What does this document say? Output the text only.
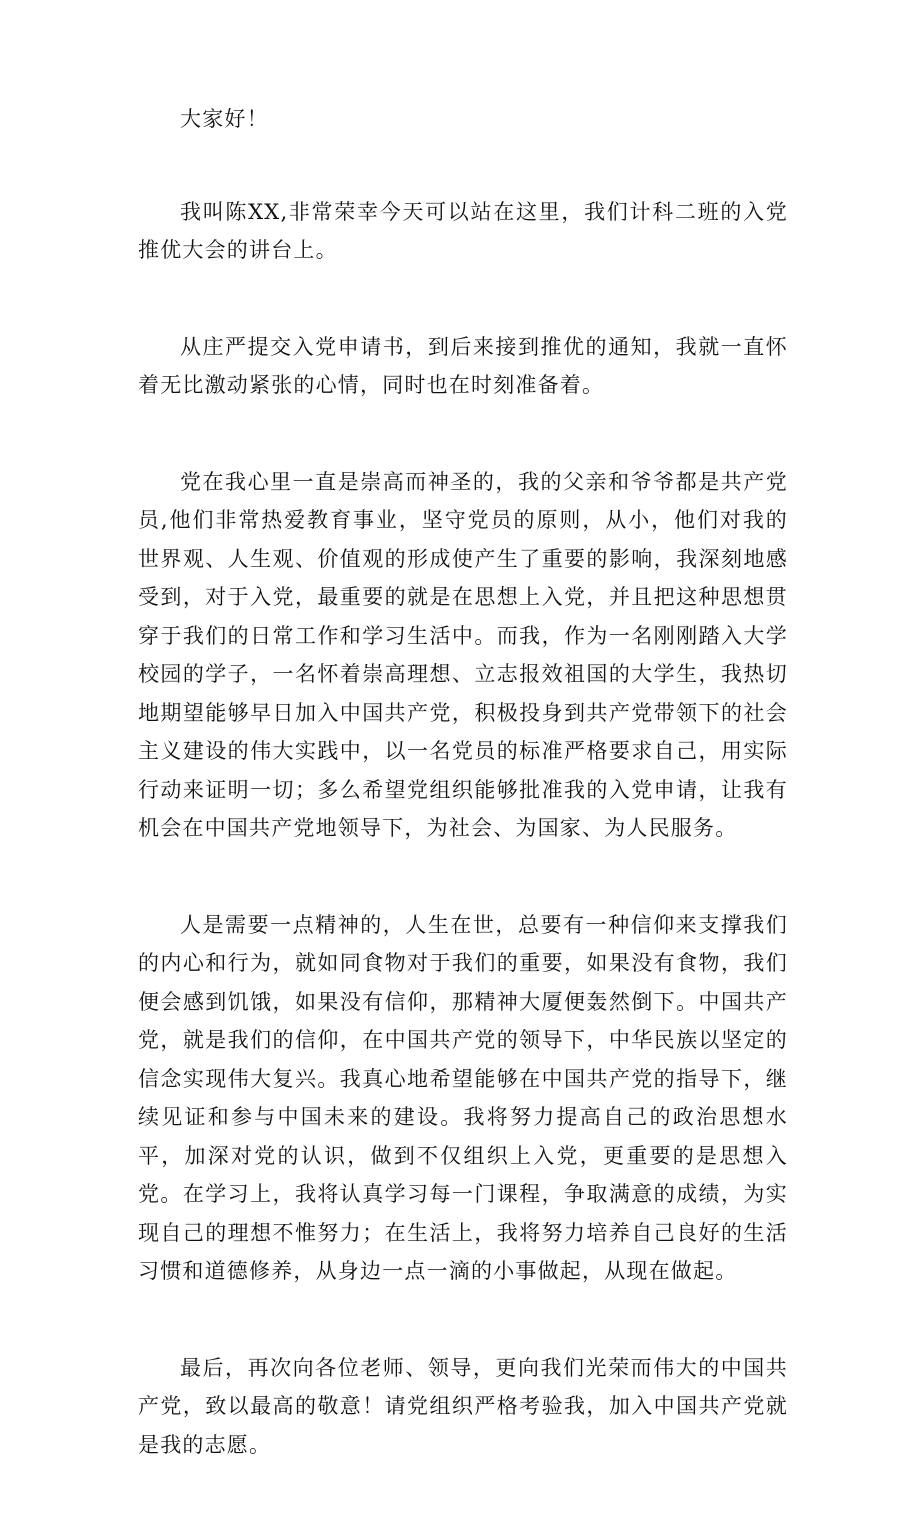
大家好！

我叫陈XX,非常荣幸今天可以站在这里，我们计科二班的入党推优大会的讲台上。

从庄严提交入党申请书，到后来接到推优的通知，我就一直怀着无比激动紧张的心情，同时也在时刻准备着。

党在我心里一直是崇高而神圣的，我的父亲和爷爷都是共产党员,他们非常热爱教育事业，坚守党员的原则，从小，他们对我的世界观、人生观、价值观的形成使产生了重要的影响，我深刻地感受到，对于入党，最重要的就是在思想上入党，并且把这种思想贯穿于我们的日常工作和学习生活中。而我，作为一名刚刚踏入大学校园的学子，一名怀着崇高理想、立志报效祖国的大学生，我热切地期望能够早日加入中国共产党，积极投身到共产党带领下的社会主义建设的伟大实践中，以一名党员的标准严格要求自己，用实际行动来证明一切；多么希望党组织能够批准我的入党申请，让我有机会在中国共产党地领导下，为社会、为国家、为人民服务。

人是需要一点精神的，人生在世，总要有一种信仰来支撑我们的内心和行为，就如同食物对于我们的重要，如果没有食物，我们便会感到饥饿，如果没有信仰，那精神大厦便轰然倒下。中国共产党，就是我们的信仰，在中国共产党的领导下，中华民族以坚定的信念实现伟大复兴。我真心地希望能够在中国共产党的指导下，继续见证和参与中国未来的建设。我将努力提高自己的政治思想水平，加深对党的认识，做到不仅组织上入党，更重要的是思想入党。在学习上，我将认真学习每一门课程，争取满意的成绩，为实现自己的理想不惟努力；在生活上，我将努力培养自己良好的生活习惯和道德修养，从身边一点一滴的小事做起，从现在做起。

最后，再次向各位老师、领导，更向我们光荣而伟大的中国共产党，致以最高的敬意！请党组织严格考验我，加入中国共产党就是我的志愿。
